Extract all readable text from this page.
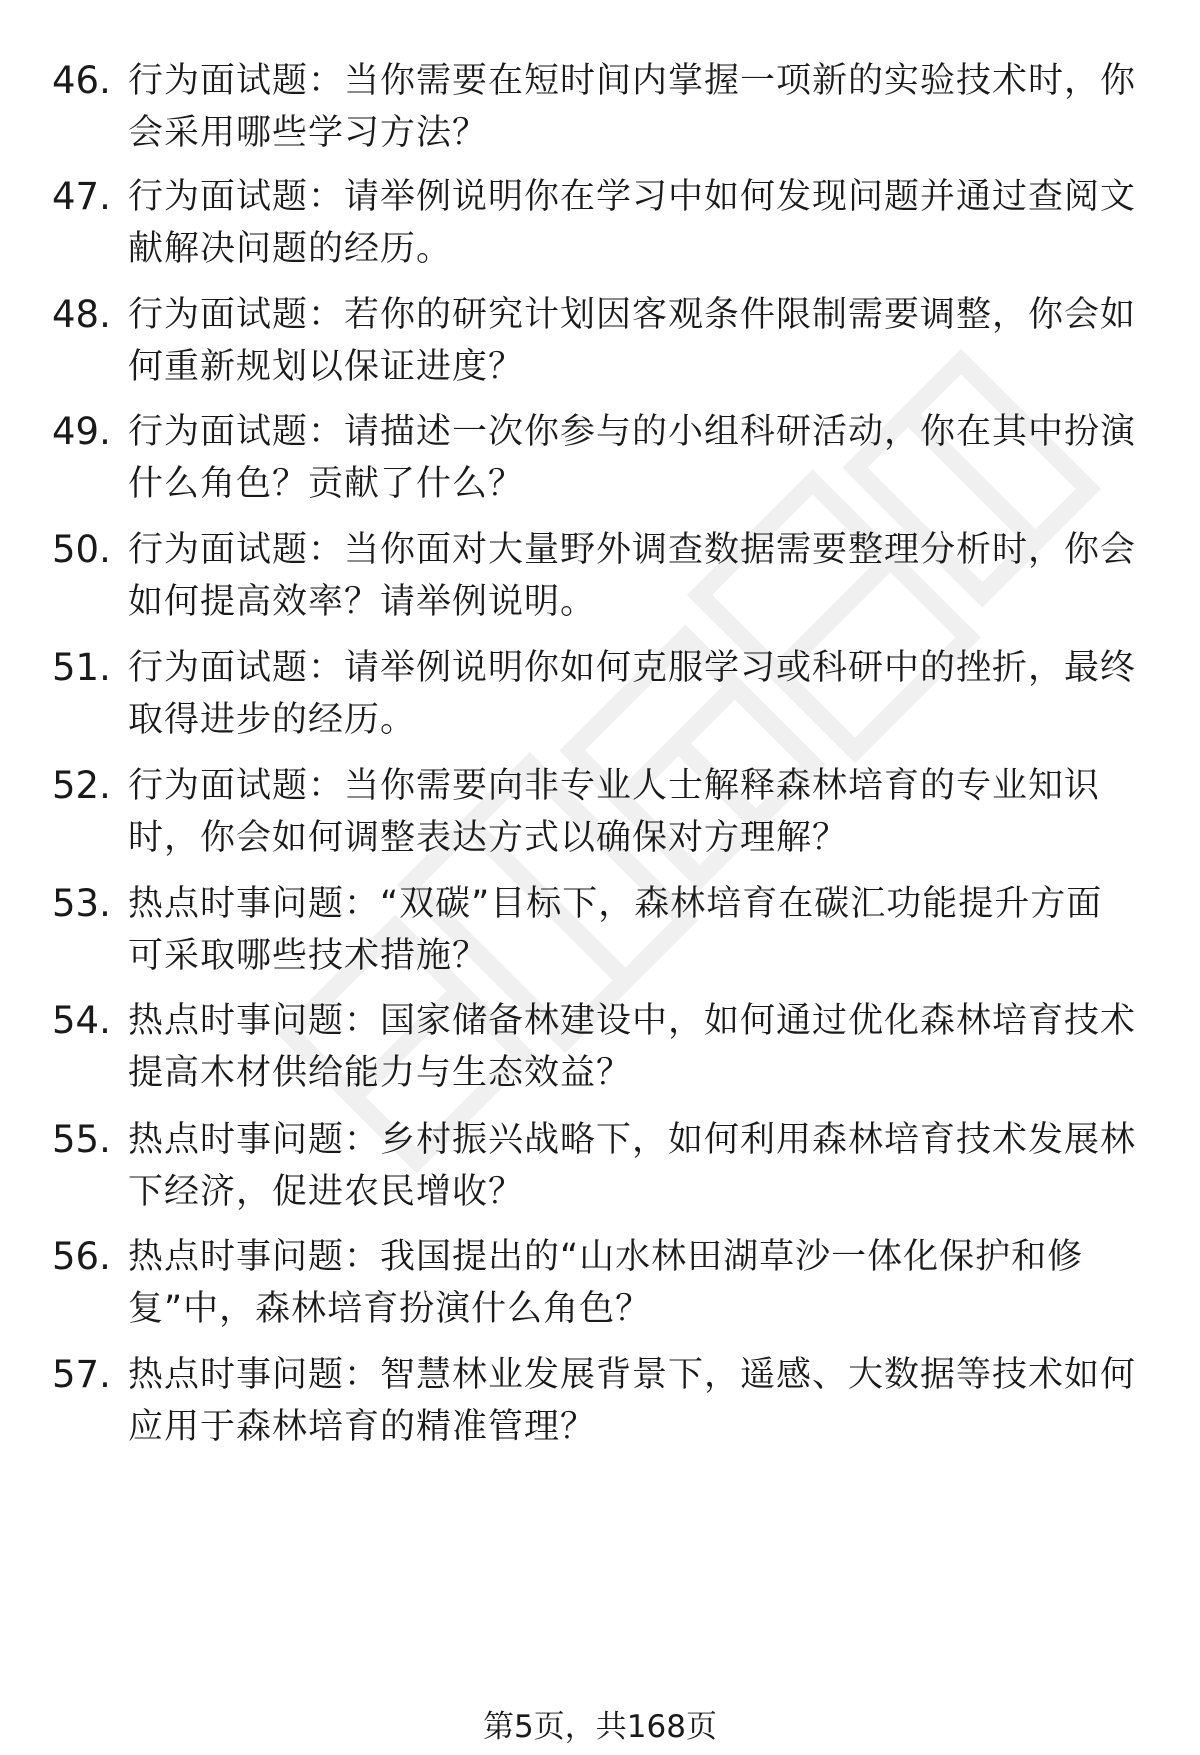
46. 行为面试题：当你需要在短时间内掌握一项新的实验技术时，你
会采用哪些学习方法？
47. 行为面试题：请举例说明你在学习中如何发现问题并通过查阅文
献解决问题的经历。
48. 行为面试题：若你的研究计划因客观条件限制需要调整，你会如
何重新规划以保证进度？
49. 行为面试题：请描述一次你参与的小组科研活动，你在其中扮演
什么角色？贡献了什么？
50. 行为面试题：当你面对大量野外调查数据需要整理分析时，你会
如何提高效率？请举例说明。
51. 行为面试题：请举例说明你如何克服学习或科研中的挫折，最终
取得进步的经历。
52. 行为面试题：当你需要向非专业人士解释森林培育的专业知识
时，你会如何调整表达方式以确保对方理解？
53. 热点时事问题：“双碳”目标下，森林培育在碳汇功能提升方面
可采取哪些技术措施？
54. 热点时事问题：国家储备林建设中，如何通过优化森林培育技术
提高木材供给能力与生态效益？
55. 热点时事问题：乡村振兴战略下，如何利用森林培育技术发展林
下经济，促进农民增收？
56. 热点时事问题：我国提出的“山水林田湖草沙一体化保护和修
复”中，森林培育扮演什么角色？
57. 热点时事问题：智慧林业发展背景下，遥感、大数据等技术如何
应用于森林培育的精准管理？
第5页，共168页
